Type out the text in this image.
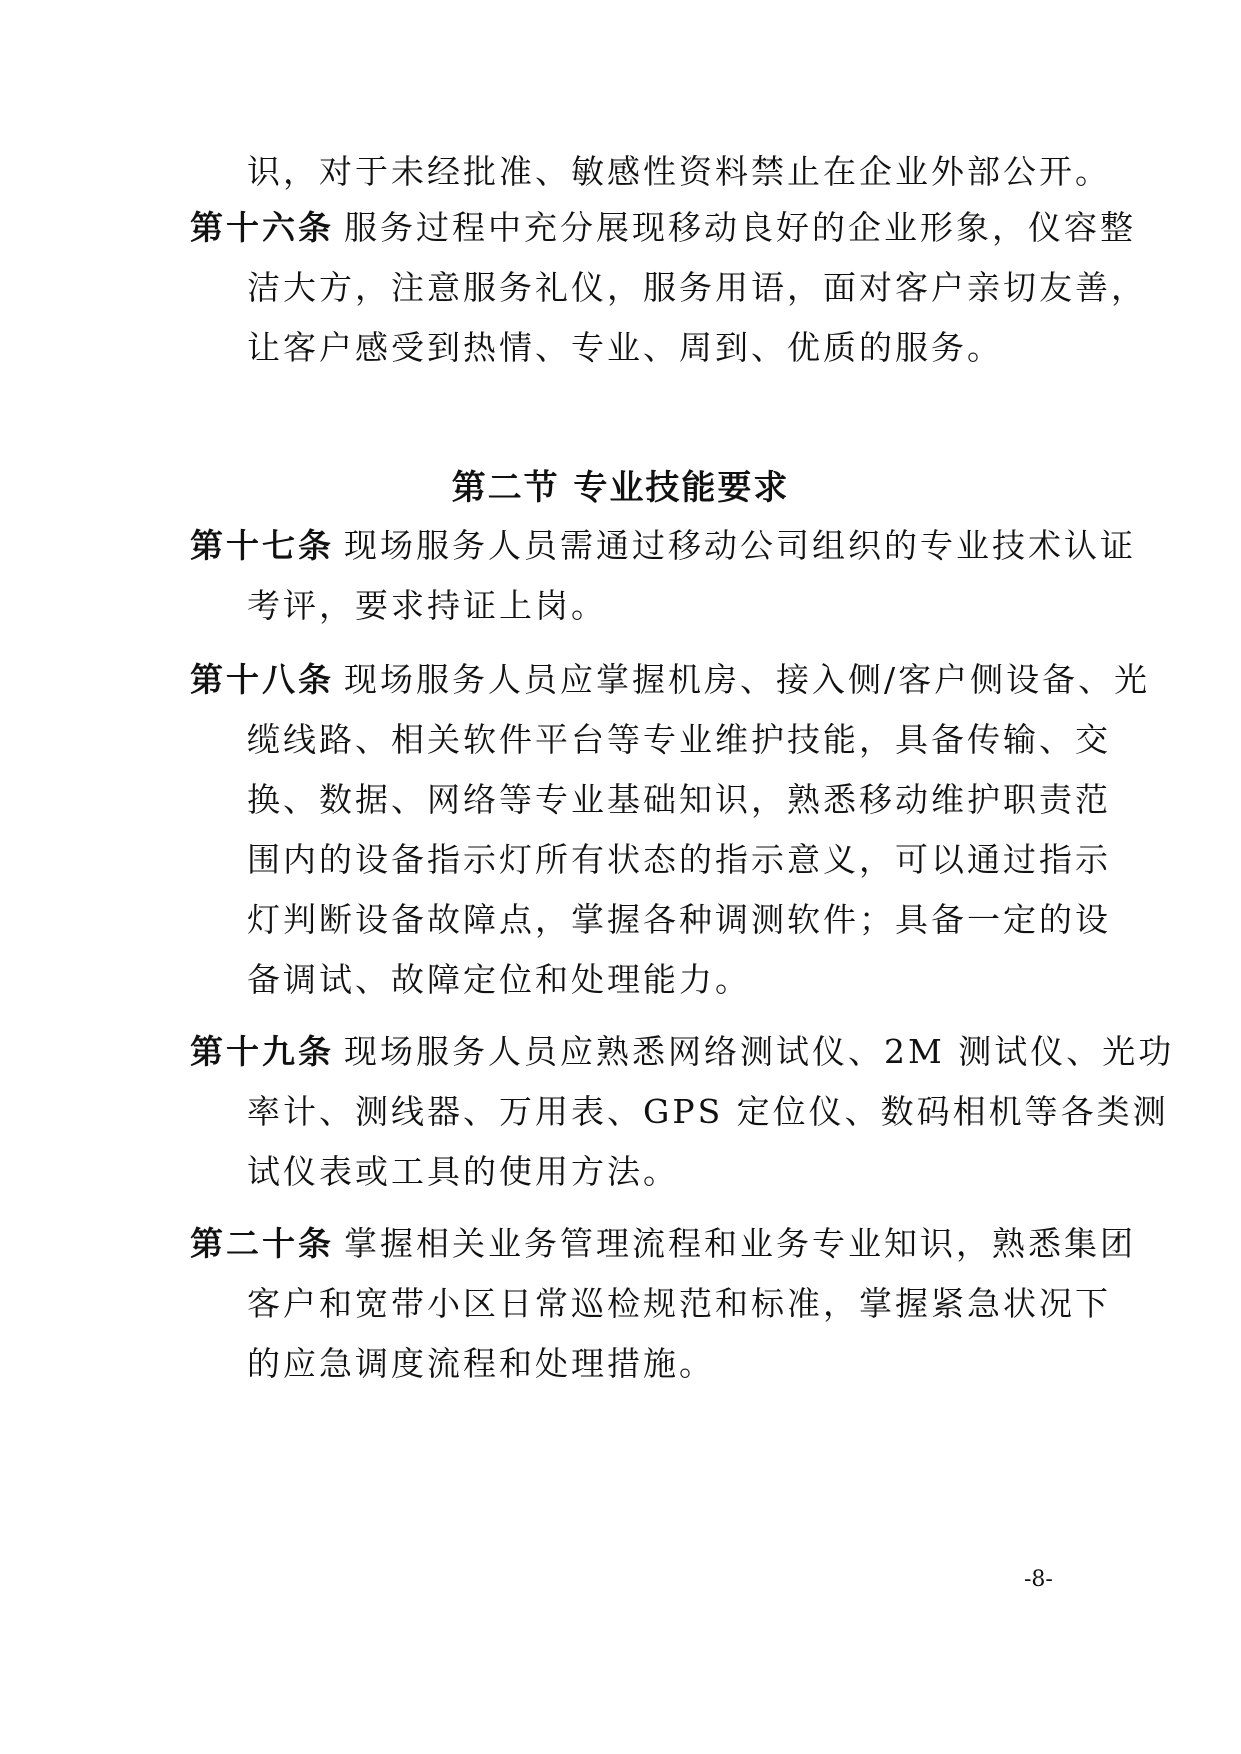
识，对于未经批准、敏感性资料禁止在企业外部公开。
第十六条 服务过程中充分展现移动良好的企业形象，仪容整
洁大方，注意服务礼仪，服务用语，面对客户亲切友善，
让客户感受到热情、专业、周到、优质的服务。
第二节 专业技能要求
第十七条 现场服务人员需通过移动公司组织的专业技术认证
考评，要求持证上岗。
第十八条 现场服务人员应掌握机房、接入侧/客户侧设备、光
缆线路、相关软件平台等专业维护技能，具备传输、交
换、数据、网络等专业基础知识，熟悉移动维护职责范
围内的设备指示灯所有状态的指示意义，可以通过指示
灯判断设备故障点，掌握各种调测软件；具备一定的设
备调试、故障定位和处理能力。
第十九条 现场服务人员应熟悉网络测试仪、2M 测试仪、光功
率计、测线器、万用表、GPS 定位仪、数码相机等各类测
试仪表或工具的使用方法。
第二十条 掌握相关业务管理流程和业务专业知识，熟悉集团
客户和宽带小区日常巡检规范和标准，掌握紧急状况下
的应急调度流程和处理措施。
-8-
